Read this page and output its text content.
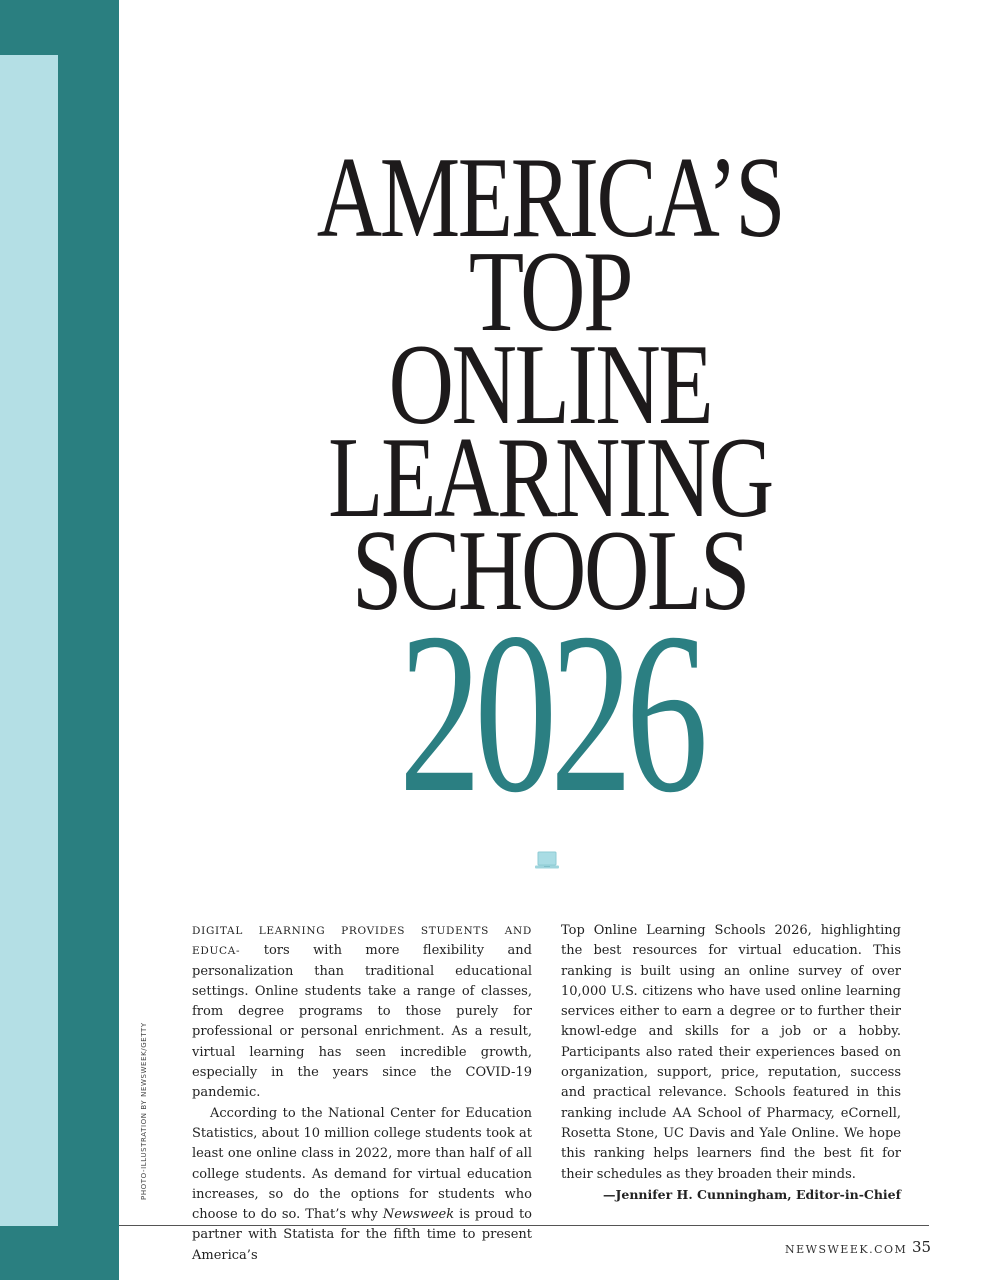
PHOTO-ILLUSTRATION BY NEWSWEEK/GETTY
AMERICA’S
TOP
ONLINE
LEARNING
SCHOOLS
2026

DIGITAL LEARNING PROVIDES STUDENTS AND EDUCA- tors with more flexibility and personalization than traditional educational settings. Online students take a range of classes, from degree programs to those purely for professional or personal enrichment. As a result, virtual learning has seen incredible growth, especially in the years since the COVID-19 pandemic.

According to the National Center for Education Statistics, about 10 million college students took at least one online class in 2022, more than half of all college students. As demand for virtual education increases, so do the options for students who choose to do so. That’s why Newsweek is proud to partner with Statista for the fifth time to present America’s

Top Online Learning Schools 2026, highlighting the best resources for virtual education. This ranking is built using an online survey of over 10,000 U.S. citizens who have used online learning services either to earn a degree or to further their knowl-edge and skills for a job or a hobby. Participants also rated their experiences based on organization, support, price, reputation, success and practical relevance. Schools featured in this ranking include AA School of Pharmacy, eCornell, Rosetta Stone, UC Davis and Yale Online. We hope this ranking helps learners find the best fit for their schedules as they broaden their minds.

—Jennifer H. Cunningham, Editor-in-Chief

NEWSWEEK.COM 35
